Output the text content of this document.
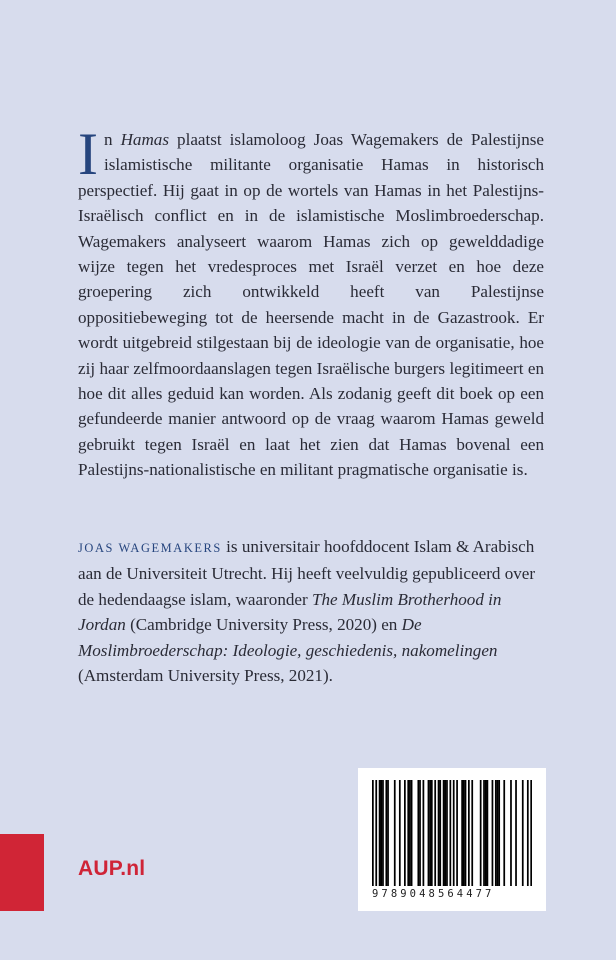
In Hamas plaatst islamoloog Joas Wagemakers de Palestijnse islamistische militante organisatie Hamas in historisch perspectief. Hij gaat in op de wortels van Hamas in het Palestijns-Israëlisch conflict en in de islamistische Moslimbroederschap. Wagemakers analyseert waarom Hamas zich op gewelddadige wijze tegen het vredesproces met Israël verzet en hoe deze groepering zich ontwikkeld heeft van Palestijnse oppositiebeweging tot de heersende macht in de Gazastrook. Er wordt uitgebreid stilgestaan bij de ideologie van de organisatie, hoe zij haar zelfmoordaanslagen tegen Israëlische burgers legitimeert en hoe dit alles geduid kan worden. Als zodanig geeft dit boek op een gefundeerde manier antwoord op de vraag waarom Hamas geweld gebruikt tegen Israël en laat het zien dat Hamas bovenal een Palestijns-nationalistische en militant pragmatische organisatie is.

JOAS WAGEMAKERS is universitair hoofddocent Islam & Arabisch aan de Universiteit Utrecht. Hij heeft veelvuldig gepubliceerd over de hedendaagse islam, waaronder The Muslim Brotherhood in Jordan (Cambridge University Press, 2020) en De Moslimbroederschap: Ideologie, geschiedenis, nakomelingen (Amsterdam University Press, 2021).

AUP.nl
9789048564477
